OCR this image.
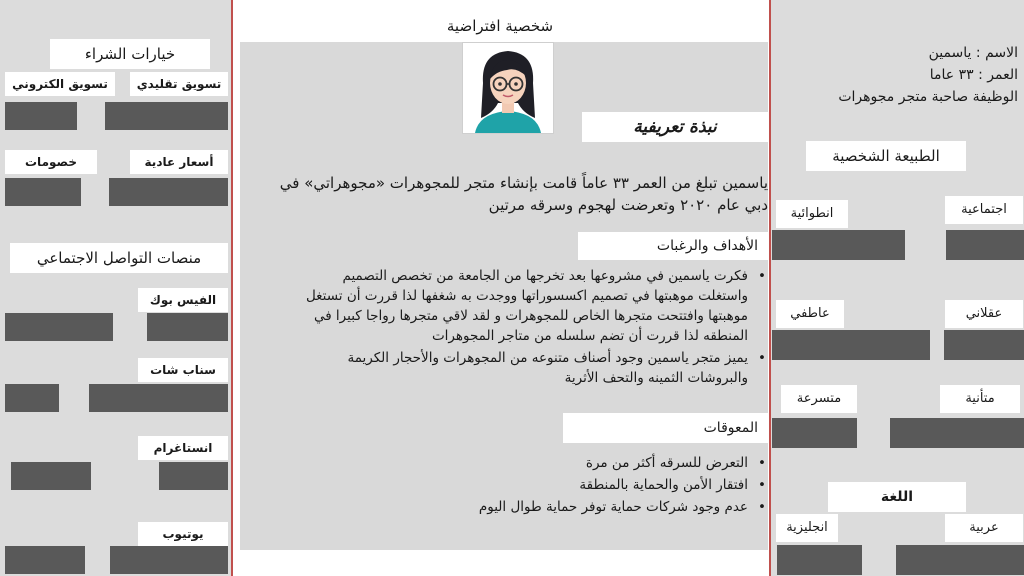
خيارات الشراء
تسويق الكتروني	تسويق تقليدي
خصومات	أسعار عادية
منصات التواصل الاجتماعي
الفيس بوك
سناب شات
انستاغرام
يوتيوب
شخصية افتراضية
نبذة تعريفية
ياسمين تبلغ من العمر ٣٣ عاماً قامت بإنشاء متجر للمجوهرات «مجوهراتي» في
دبي عام ٢٠٢٠ وتعرضت لهجوم وسرقه مرتين
الأهداف والرغبات
• فكرت ياسمين في مشروعها بعد تخرجها من الجامعة من تخصص التصميم
واستغلت موهبتها في تصميم اكسسوراتها ووجدت به شغفها لذا قررت أن تستغل
موهبتها وافتتحت متجرها الخاص للمجوهرات و لقد لاقي متجرها رواجا كبيرا في
المنطقه لذا قررت أن تضم سلسله من متاجر المجوهرات
• يميز متجر ياسمين وجود أصناف متنوعه من المجوهرات والأحجار الكريمة
والبروشات الثمينه والتحف الأثرية
المعوقات
• التعرض للسرقه أكثر من مرة
• افتقار الأمن والحماية بالمنطقة
• عدم وجود شركات حماية توفر حماية طوال اليوم
الاسم : ياسمين
العمر : ٣٣ عاما
الوظيفة صاحبة متجر مجوهرات
الطبيعة الشخصية
انطوائية	اجتماعية
عاطفي	عقلاني
متسرعة	متأنية
اللغة
انجليزية	عربية
